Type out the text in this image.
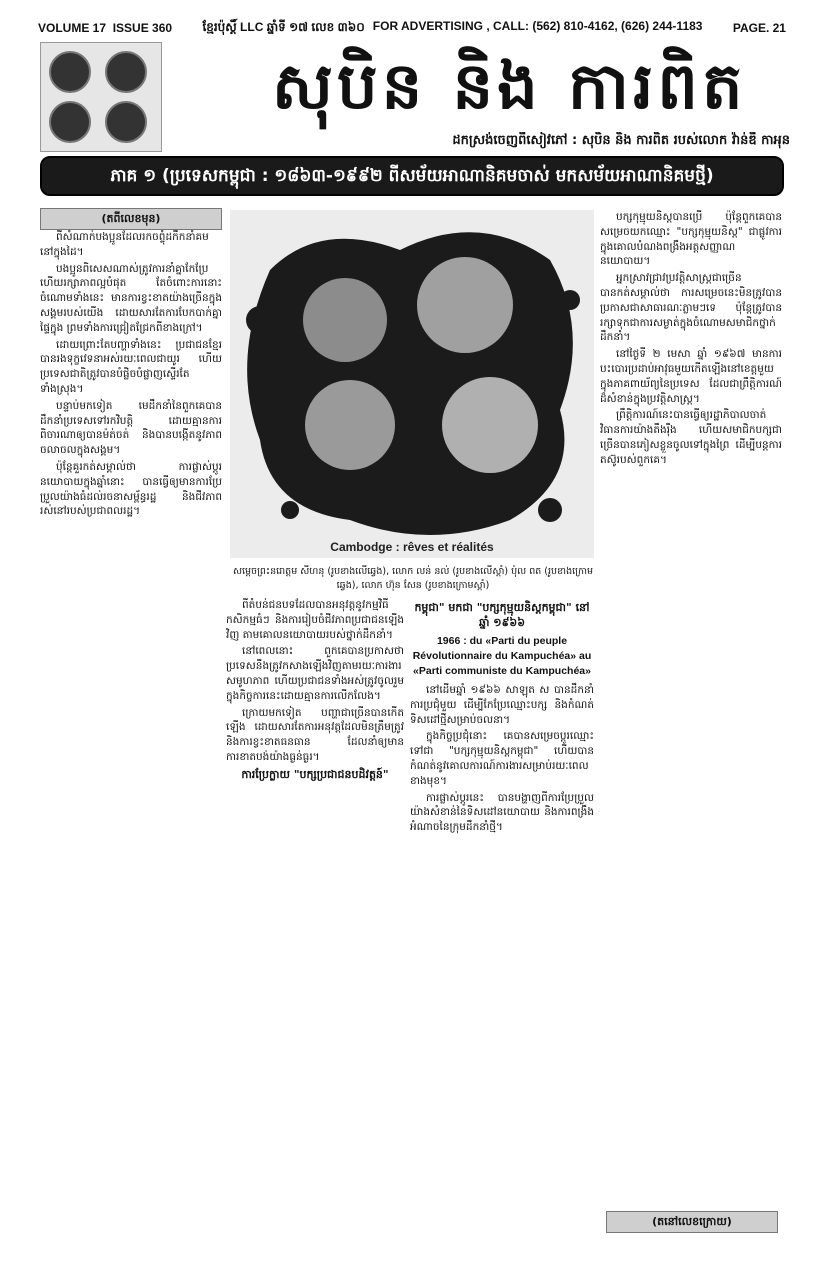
VOLUME 17 ISSUE 360	ខ្មែរប៉ុស្ដិ៍ LLC ឆ្នាំទី ១៧ លេខ ៣៦០ FOR ADVERTISING , CALL: (562) 810-4162, (626) 244-1183	PAGE. 21
សុបិន និង ការពិត
ដកស្រង់ចេញពីសៀវភៅ : សុបិន និង ការពិត របស់លោក វ៉ាន់ឌី កាអុន
ភាគ ១ (ប្រទេសកម្ពុជា : ១៨៦៣-១៩៩២ ពីសម័យអាណានិគមចាស់ មកសម័យអាណានិគមថ្មី)
(តពីលេខមុន)

ពីសំណាក់បងប្អូនដែលរកចព្ទុំដកឹកនាំ​គមនៅក្នុងដៃ។

បងប្អូនពិសេសណាស់ត្រូវការនាំគ្នាកែប្រែ ហើយរក្សាភាពល្អបំផុត តែចំពោះការនោះ ចំណោមទាំងនេះ មានការខ្វះខាតយ៉ាងច្រើនក្នុងសង្គមរបស់យើង ដោយសារតែការបែកបាក់គ្នាផ្ទៃក្នុង ព្រមទាំងការជ្រៀតជ្រែកពីខាងក្រៅ។

ដោយព្រោះតែបញ្ហាទាំងនេះ ប្រជាជនខ្មែរបានរងទុក្ខវេទនាអស់រយៈពេលជាយូរ ហើយប្រទេសជាតិត្រូវបានបំផ្លិចបំផ្លាញស្ទើរតែទាំងស្រុង។

បន្ទាប់មកទៀត មេដឹកនាំនៃពួកគេបានដឹកនាំប្រទេសទៅរកវិបត្តិ ដោយគ្មានការពិចារណាឲ្យបានម៉ត់ចត់ និងបានបង្កើតនូវភាពចលាចលក្នុងសង្គម។

ប៉ុន្តែគួរកត់សម្គាល់ថា ការផ្លាស់ប្ដូរនយោបាយក្នុងឆ្នាំនោះ បានធ្វើឲ្យមានការប្រែប្រួលយ៉ាងធំដល់រចនាសម្ព័ន្ធរដ្ឋ និងជីវភាពរស់នៅរបស់ប្រជាពលរដ្ឋ។

Cambodge : rêves et réalités
សម្ដេចព្រះនរោត្តម សីហនុ (រូបខាងលើឆ្វេង), លោក លន់ នល់ (រូបខាងលើស្ដាំ) ប៉ុល ពត (រូបខាងក្រោមឆ្វេង), លោក ហ៊ុន សែន (រូបខាងក្រោមស្ដាំ)

ពីតំបន់ជនបទដែលបានអនុវត្តនូវកម្មវិធីកសិកម្មធំៗ និងការរៀបចំជីវភាពប្រជាជនឡើងវិញ តាមគោលនយោបាយរបស់ថ្នាក់ដឹកនាំ។

នៅពេលនោះ ពួកគេបានប្រកាសថា ប្រទេសនឹងត្រូវកសាងឡើងវិញតាមរយៈការងារសមូហភាព ហើយប្រជាជនទាំងអស់ត្រូវចូលរួមក្នុងកិច្ចការនេះដោយគ្មានការលើកលែង។

ក្រោយមកទៀត បញ្ហាជាច្រើនបានកើតឡើង ដោយសារតែការអនុវត្តដែលមិនត្រឹមត្រូវ និងការខ្វះខាតធនធាន ដែលនាំឲ្យមានការខាតបង់យ៉ាងធ្ងន់ធ្ងរ។

ការប្រែក្លាយ "បក្សប្រជាជនបដិវត្តន៍"
កម្ពុជា" មកជា "បក្សកុម្មុយនិស្ដកម្ពុជា" នៅឆ្នាំ ១៩៦៦
1966 : du «Parti du peuple Révolutionnaire du Kampuchéa» au «Parti communiste du Kampuchéa»

នៅដើមឆ្នាំ ១៩៦៦ សាឡុត ស បានដឹកនាំការប្រជុំមួយ ដើម្បីកែប្រែឈ្មោះបក្ស និងកំណត់ទិសដៅថ្មីសម្រាប់ចលនា។

ក្នុងកិច្ចប្រជុំនោះ គេបានសម្រេចប្ដូរឈ្មោះទៅជា "បក្សកុម្មុយនិស្ដកម្ពុជា" ហើយបានកំណត់នូវគោលការណ៍ការងារសម្រាប់រយៈពេលខាងមុខ។

ការផ្លាស់ប្ដូរនេះ បានបង្ហាញពីការប្រែប្រួលយ៉ាងសំខាន់នៃទិសដៅនយោបាយ និងការពង្រឹងអំណាចនៃក្រុមដឹកនាំថ្មី។

បក្សកុម្មុយនិស្ដបានប្រើ ប៉ុន្តែពួកគេបានសម្រេចយកឈ្មោះ "បក្សកុម្មុយនិស្ដ" ជាផ្លូវការ ក្នុងគោលបំណងពង្រឹងអត្តសញ្ញាណនយោបាយ។

អ្នកស្រាវជ្រាវប្រវត្តិសាស្ត្រជាច្រើនបានកត់សម្គាល់ថា ការសម្រេចនេះមិនត្រូវបានប្រកាសជាសាធារណៈភ្លាមៗទេ ប៉ុន្តែត្រូវបានរក្សាទុកជាការសម្ងាត់ក្នុងចំណោមសមាជិកថ្នាក់ដឹកនាំ។

នៅថ្ងៃទី ២ មេសា ឆ្នាំ ១៩៦៧ មានការបះបោរប្រដាប់អាវុធមួយកើតឡើងនៅខេត្តមួយ ក្នុងភាគពាយ័ព្យនៃប្រទេស ដែលជាព្រឹត្តិការណ៍ដ៏សំខាន់ក្នុងប្រវត្តិសាស្ត្រ។

ព្រឹត្តិការណ៍នេះបានធ្វើឲ្យរដ្ឋាភិបាលចាត់វិធានការយ៉ាងតឹងរ៉ឹង ហើយសមាជិកបក្សជាច្រើនបានភៀសខ្លួនចូលទៅក្នុងព្រៃ ដើម្បីបន្តការតស៊ូរបស់ពួកគេ។

(តនៅលេខក្រោយ)
